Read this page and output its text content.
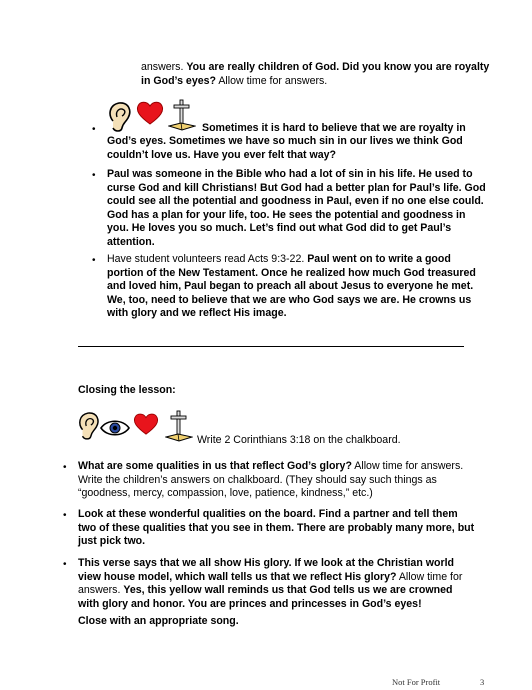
answers. You are really children of God. Did you know you are royalty in God’s eyes? Allow time for answers.
•	Sometimes it is hard to believe that we are royalty in
God’s eyes. Sometimes we have so much sin in our lives we think God couldn’t love us. Have you ever felt that way?
• Paul was someone in the Bible who had a lot of sin in his life. He used to curse God and kill Christians! But God had a better plan for Paul’s life. God could see all the potential and goodness in Paul, even if no one else could. God has a plan for your life, too. He sees the potential and goodness in you. He loves you so much. Let’s find out what God did to get Paul’s attention.
• Have student volunteers read Acts 9:3-22. Paul went on to write a good portion of the New Testament. Once he realized how much God treasured and loved him, Paul began to preach all about Jesus to everyone he met. We, too, need to believe that we are who God says we are. He crowns us with glory and we reflect His image.
Closing the lesson:
Write 2 Corinthians 3:18 on the chalkboard.
• What are some qualities in us that reflect God’s glory? Allow time for answers. Write the children’s answers on chalkboard. (They should say such things as “goodness, mercy, compassion, love, patience, kindness,” etc.)
• Look at these wonderful qualities on the board. Find a partner and tell them two of these qualities that you see in them. There are probably many more, but just pick two.
• This verse says that we all show His glory. If we look at the Christian world view house model, which wall tells us that we reflect His glory? Allow time for answers. Yes, this yellow wall reminds us that God tells us we are crowned with glory and honor. You are princes and princesses in God’s eyes!
Close with an appropriate song.
Not For Profit	3
